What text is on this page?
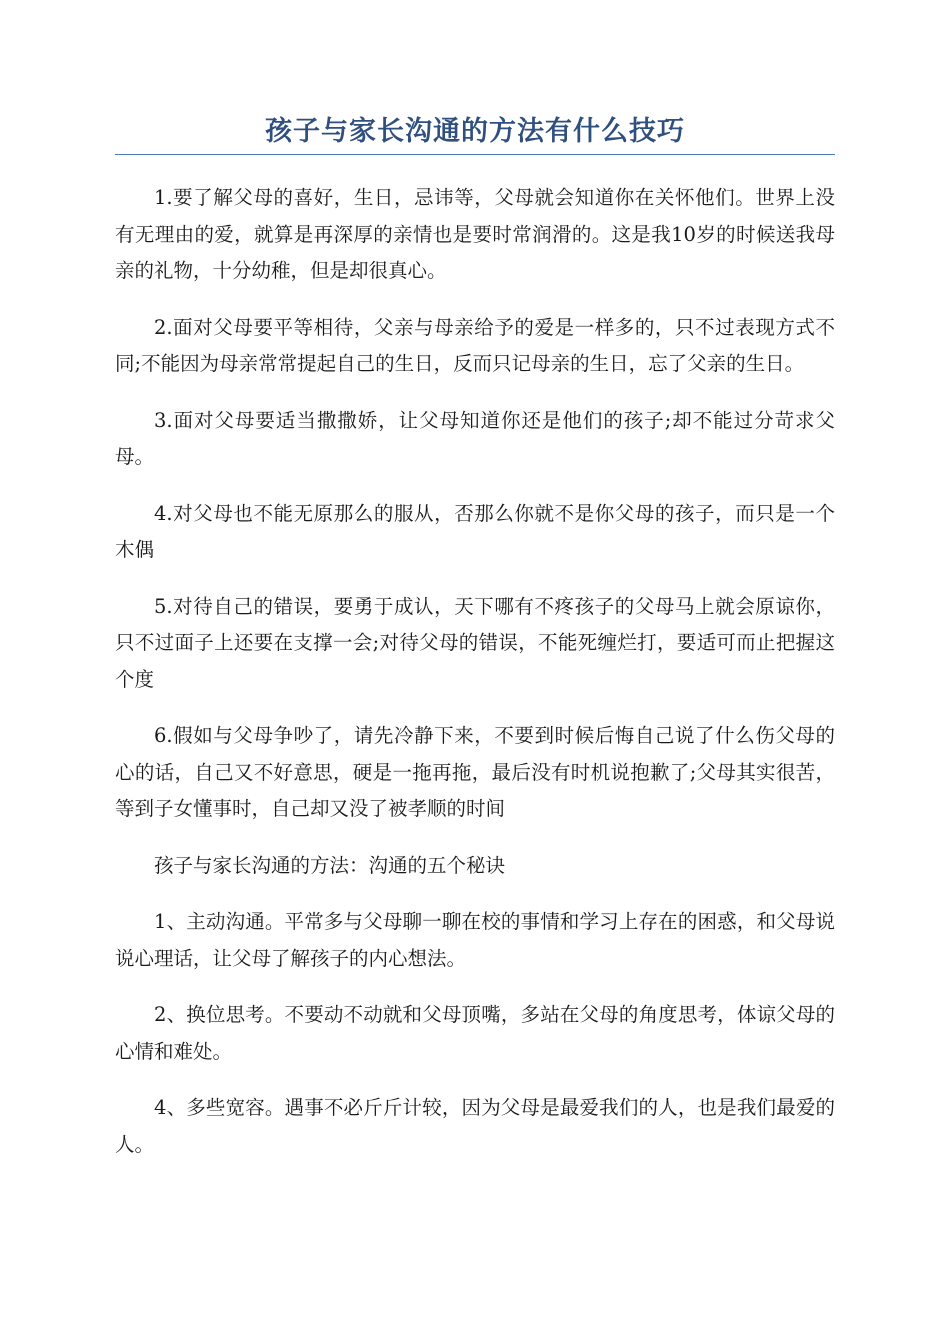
孩子与家长沟通的方法有什么技巧

1.要了解父母的喜好，生日，忌讳等，父母就会知道你在关怀他们。世界上没有无理由的爱，就算是再深厚的亲情也是要时常润滑的。这是我10岁的时候送我母亲的礼物，十分幼稚，但是却很真心。

2.面对父母要平等相待，父亲与母亲给予的爱是一样多的，只不过表现方式不同;不能因为母亲常常提起自己的生日，反而只记母亲的生日，忘了父亲的生日。

3.面对父母要适当撒撒娇，让父母知道你还是他们的孩子;却不能过分苛求父母。

4.对父母也不能无原那么的服从，否那么你就不是你父母的孩子，而只是一个木偶

5.对待自己的错误，要勇于成认，天下哪有不疼孩子的父母马上就会原谅你，只不过面子上还要在支撑一会;对待父母的错误，不能死缠烂打，要适可而止把握这个度

6.假如与父母争吵了，请先冷静下来，不要到时候后悔自己说了什么伤父母的心的话，自己又不好意思，硬是一拖再拖，最后没有时机说抱歉了;父母其实很苦，等到子女懂事时，自己却又没了被孝顺的时间

孩子与家长沟通的方法：沟通的五个秘诀

1、主动沟通。平常多与父母聊一聊在校的事情和学习上存在的困惑，和父母说说心理话，让父母了解孩子的内心想法。

2、换位思考。不要动不动就和父母顶嘴，多站在父母的角度思考，体谅父母的心情和难处。

4、多些宽容。遇事不必斤斤计较，因为父母是最爱我们的人，也是我们最爱的人。
